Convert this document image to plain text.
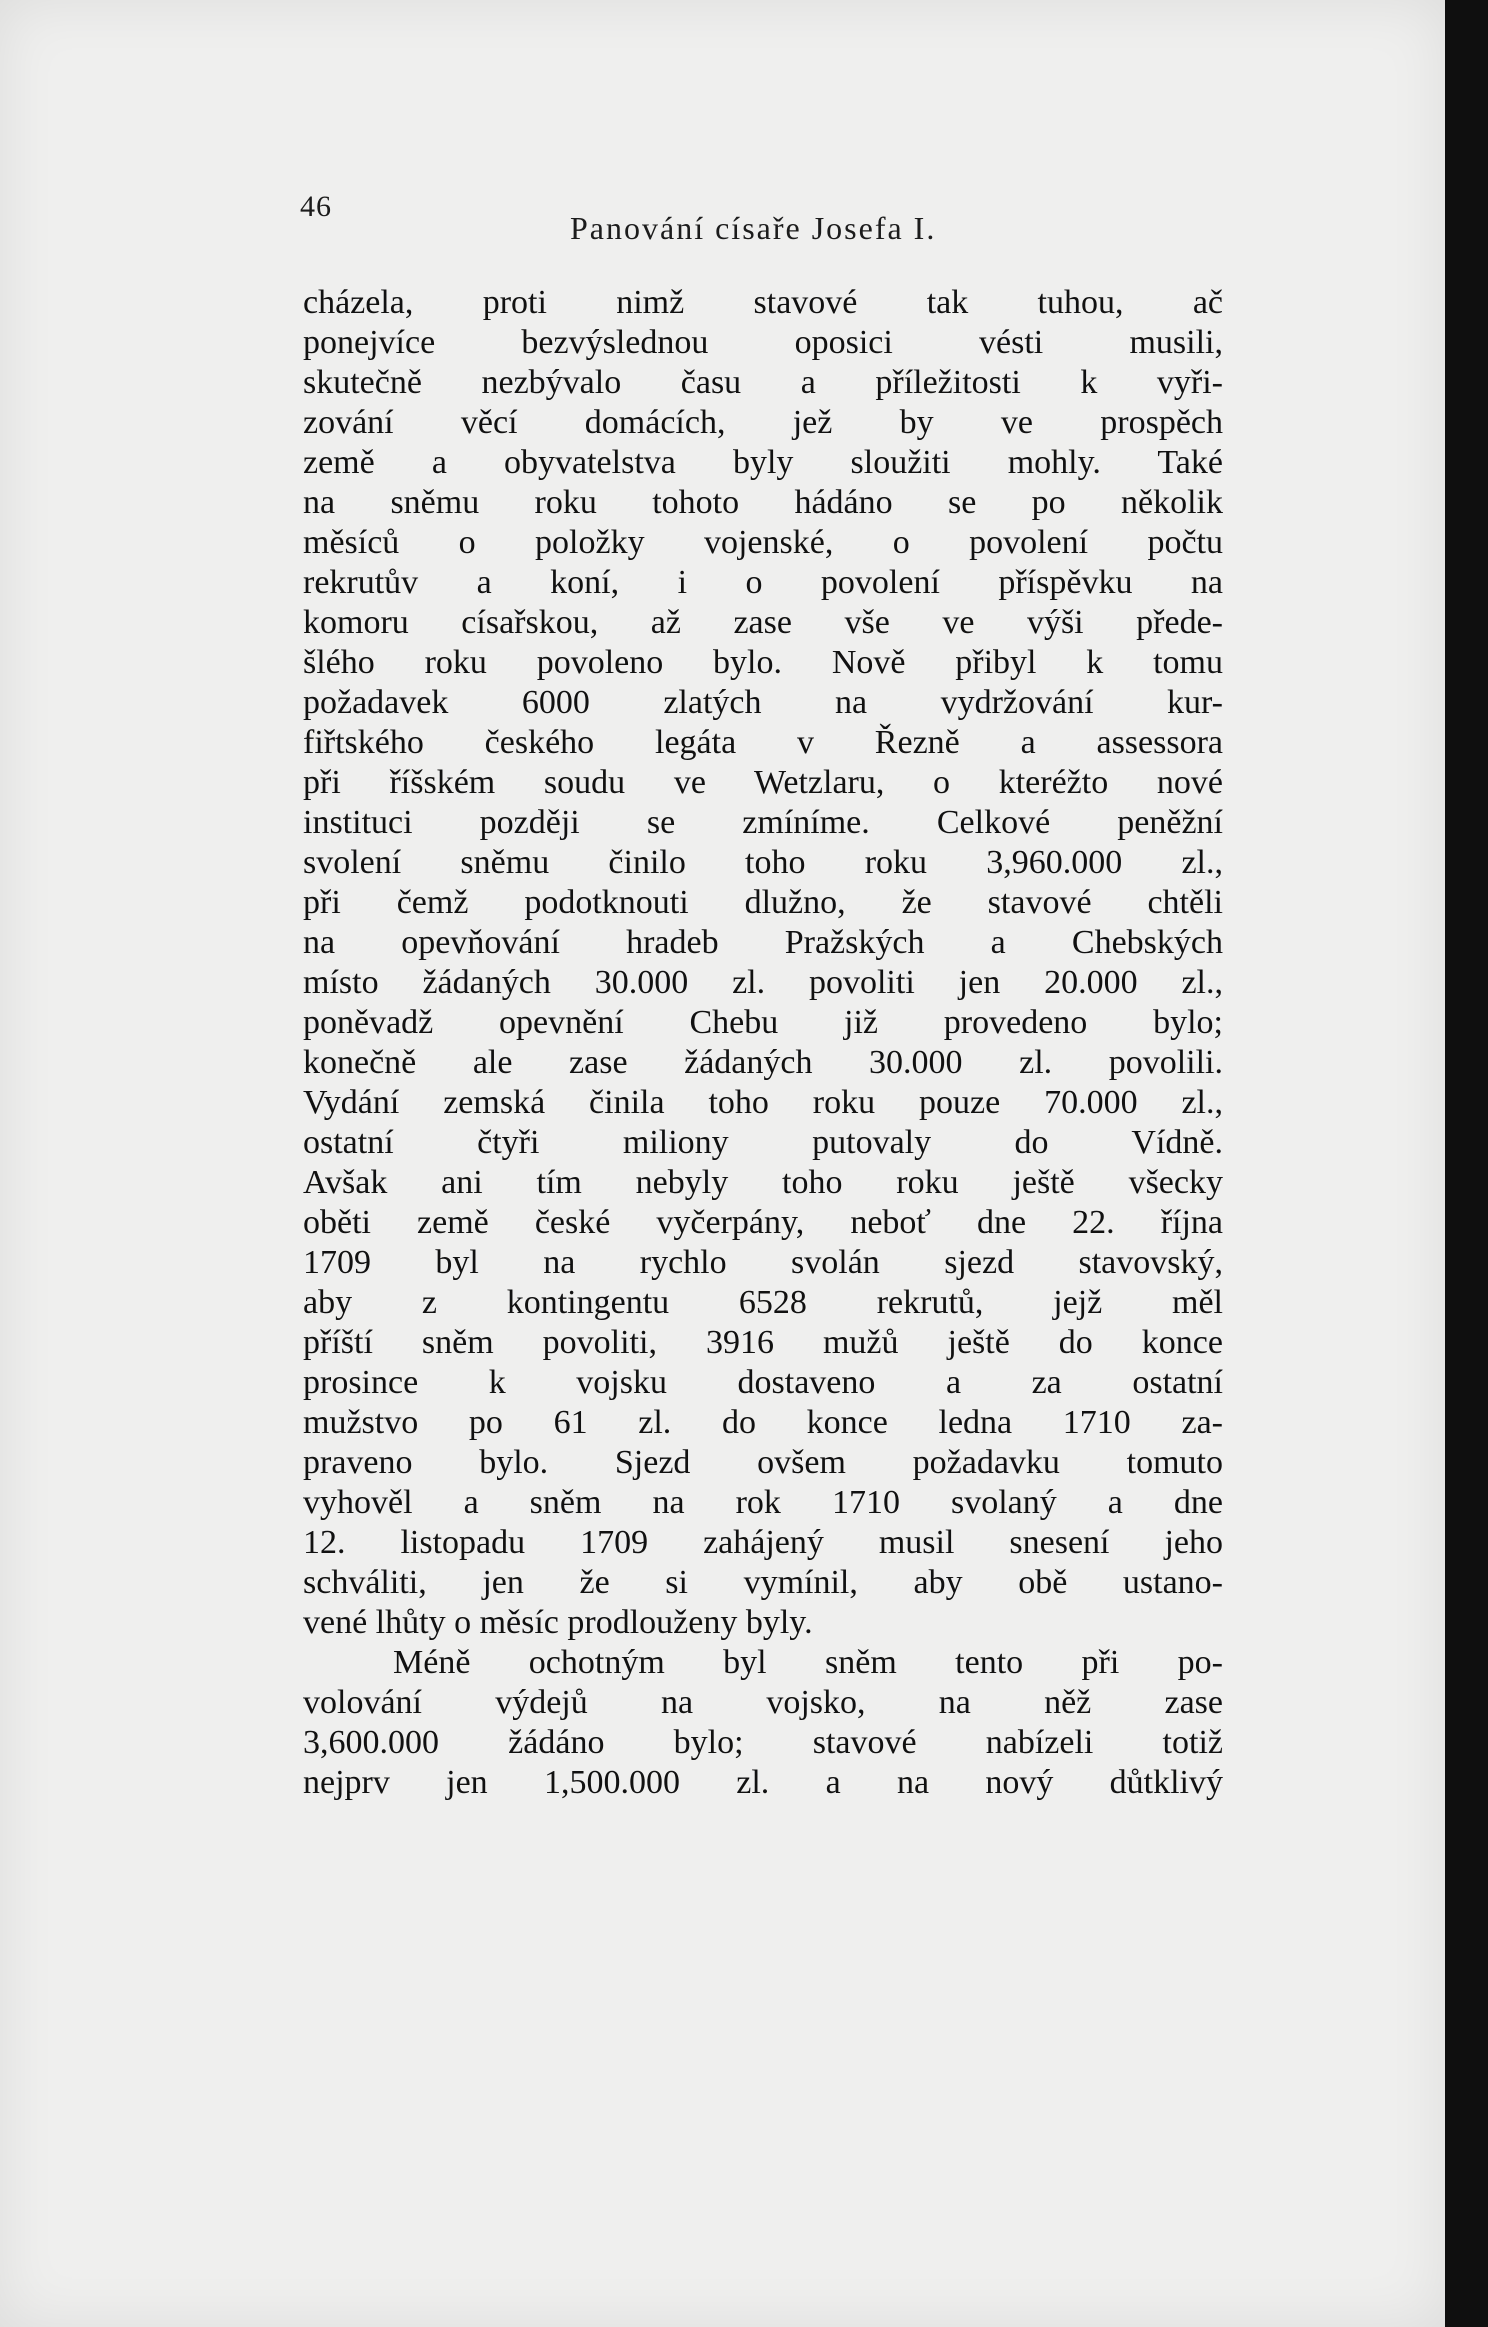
46
Panování císaře Josefa I.
cházela, proti nimž stavové tak tuhou, ač
ponejvíce bezvýslednou oposici vésti musili,
skutečně nezbývalo času a příležitosti k vyři-
zování věcí domácích, jež by ve prospěch
země a obyvatelstva byly sloužiti mohly. Také
na sněmu roku tohoto hádáno se po několik
měsíců o položky vojenské, o povolení počtu
rekrutův a koní, i o povolení příspěvku na
komoru císařskou, až zase vše ve výši přede-
šlého roku povoleno bylo. Nově přibyl k tomu
požadavek 6000 zlatých na vydržování kur-
fiřtského českého legáta v Řezně a assessora
při říšském soudu ve Wetzlaru, o kteréžto nové
instituci později se zmíníme. Celkové peněžní
svolení sněmu činilo toho roku 3,960.000 zl.,
při čemž podotknouti dlužno, že stavové chtěli
na opevňování hradeb Pražských a Chebských
místo žádaných 30.000 zl. povoliti jen 20.000 zl.,
poněvadž opevnění Chebu již provedeno bylo;
konečně ale zase žádaných 30.000 zl. povolili.
Vydání zemská činila toho roku pouze 70.000 zl.,
ostatní čtyři miliony putovaly do Vídně.
Avšak ani tím nebyly toho roku ještě všecky
oběti země české vyčerpány, neboť dne 22. října
1709 byl na rychlo svolán sjezd stavovský,
aby z kontingentu 6528 rekrutů, jejž měl
příští sněm povoliti, 3916 mužů ještě do konce
prosince k vojsku dostaveno a za ostatní
mužstvo po 61 zl. do konce ledna 1710 za-
praveno bylo. Sjezd ovšem požadavku tomuto
vyhověl a sněm na rok 1710 svolaný a dne
12. listopadu 1709 zahájený musil snesení jeho
schváliti, jen že si vymínil, aby obě ustano-
vené lhůty o měsíc prodlouženy byly.
Méně ochotným byl sněm tento při po-
volování výdejů na vojsko, na něž zase
3,600.000 žádáno bylo; stavové nabízeli totiž
nejprv jen 1,500.000 zl. a na nový důtklivý
